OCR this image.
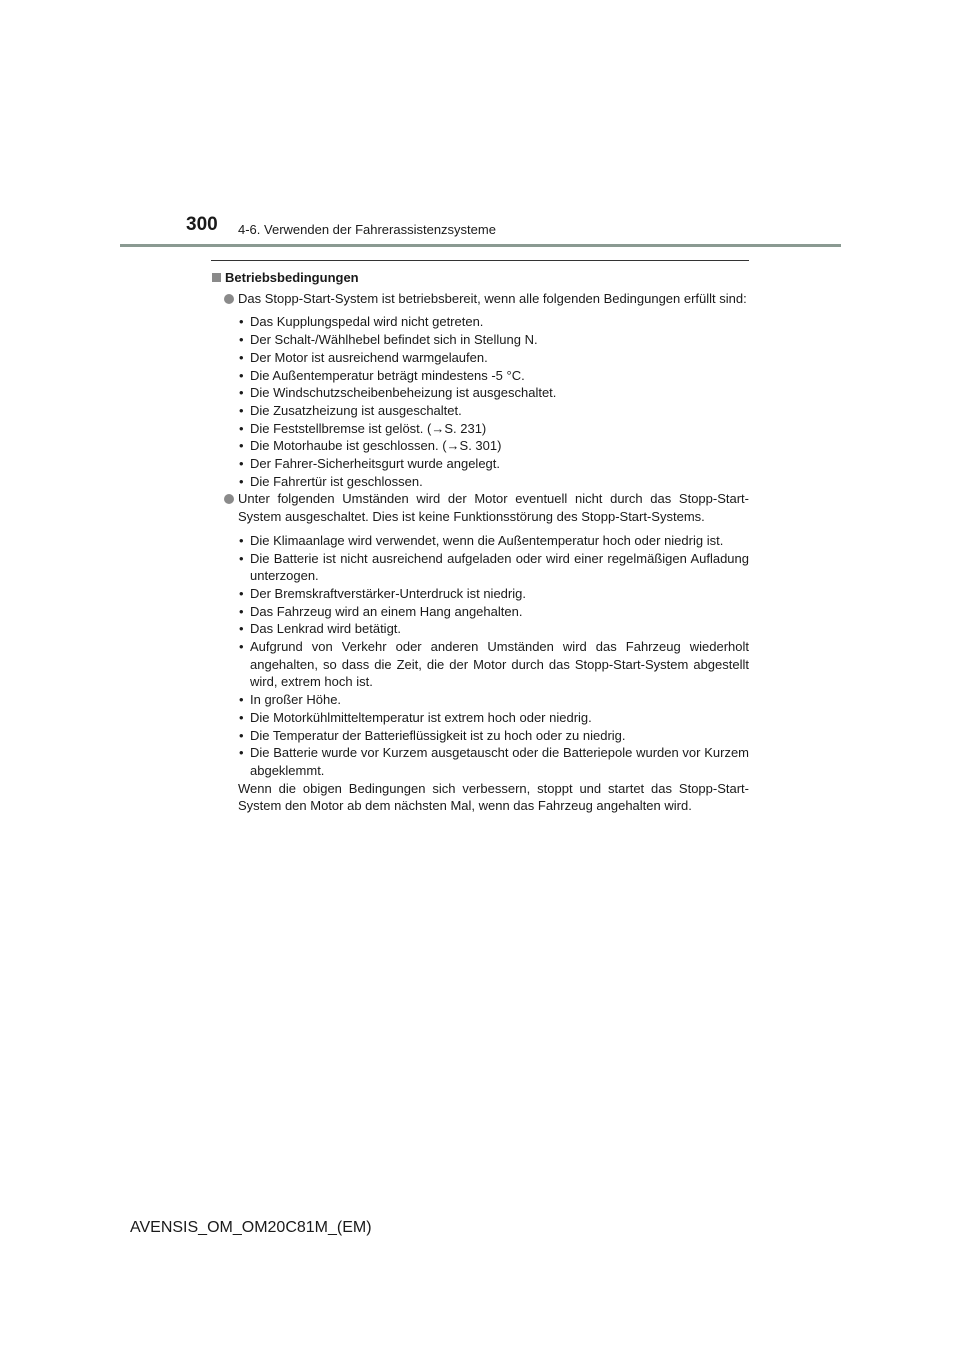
300 4-6. Verwenden der Fahrerassistenzsysteme
Betriebsbedingungen
Das Stopp-Start-System ist betriebsbereit, wenn alle folgenden Bedingungen erfüllt sind:
• Das Kupplungspedal wird nicht getreten.
• Der Schalt-/Wählhebel befindet sich in Stellung N.
• Der Motor ist ausreichend warmgelaufen.
• Die Außentemperatur beträgt mindestens -5 °C.
• Die Windschutzscheibenbeheizung ist ausgeschaltet.
• Die Zusatzheizung ist ausgeschaltet.
• Die Feststellbremse ist gelöst. (→S. 231)
• Die Motorhaube ist geschlossen. (→S. 301)
• Der Fahrer-Sicherheitsgurt wurde angelegt.
• Die Fahrertür ist geschlossen.
Unter folgenden Umständen wird der Motor eventuell nicht durch das Stopp-Start-System ausgeschaltet. Dies ist keine Funktionsstörung des Stopp-Start-Systems.
• Die Klimaanlage wird verwendet, wenn die Außentemperatur hoch oder niedrig ist.
• Die Batterie ist nicht ausreichend aufgeladen oder wird einer regelmäßigen Aufladung unterzogen.
• Der Bremskraftverstärker-Unterdruck ist niedrig.
• Das Fahrzeug wird an einem Hang angehalten.
• Das Lenkrad wird betätigt.
• Aufgrund von Verkehr oder anderen Umständen wird das Fahrzeug wiederholt angehalten, so dass die Zeit, die der Motor durch das Stopp-Start-System abgestellt wird, extrem hoch ist.
• In großer Höhe.
• Die Motorkühlmitteltemperatur ist extrem hoch oder niedrig.
• Die Temperatur der Batterieflüssigkeit ist zu hoch oder zu niedrig.
• Die Batterie wurde vor Kurzem ausgetauscht oder die Batteriepole wurden vor Kurzem abgeklemmt.
Wenn die obigen Bedingungen sich verbessern, stoppt und startet das Stopp-Start-System den Motor ab dem nächsten Mal, wenn das Fahrzeug angehalten wird.
AVENSIS_OM_OM20C81M_(EM)
